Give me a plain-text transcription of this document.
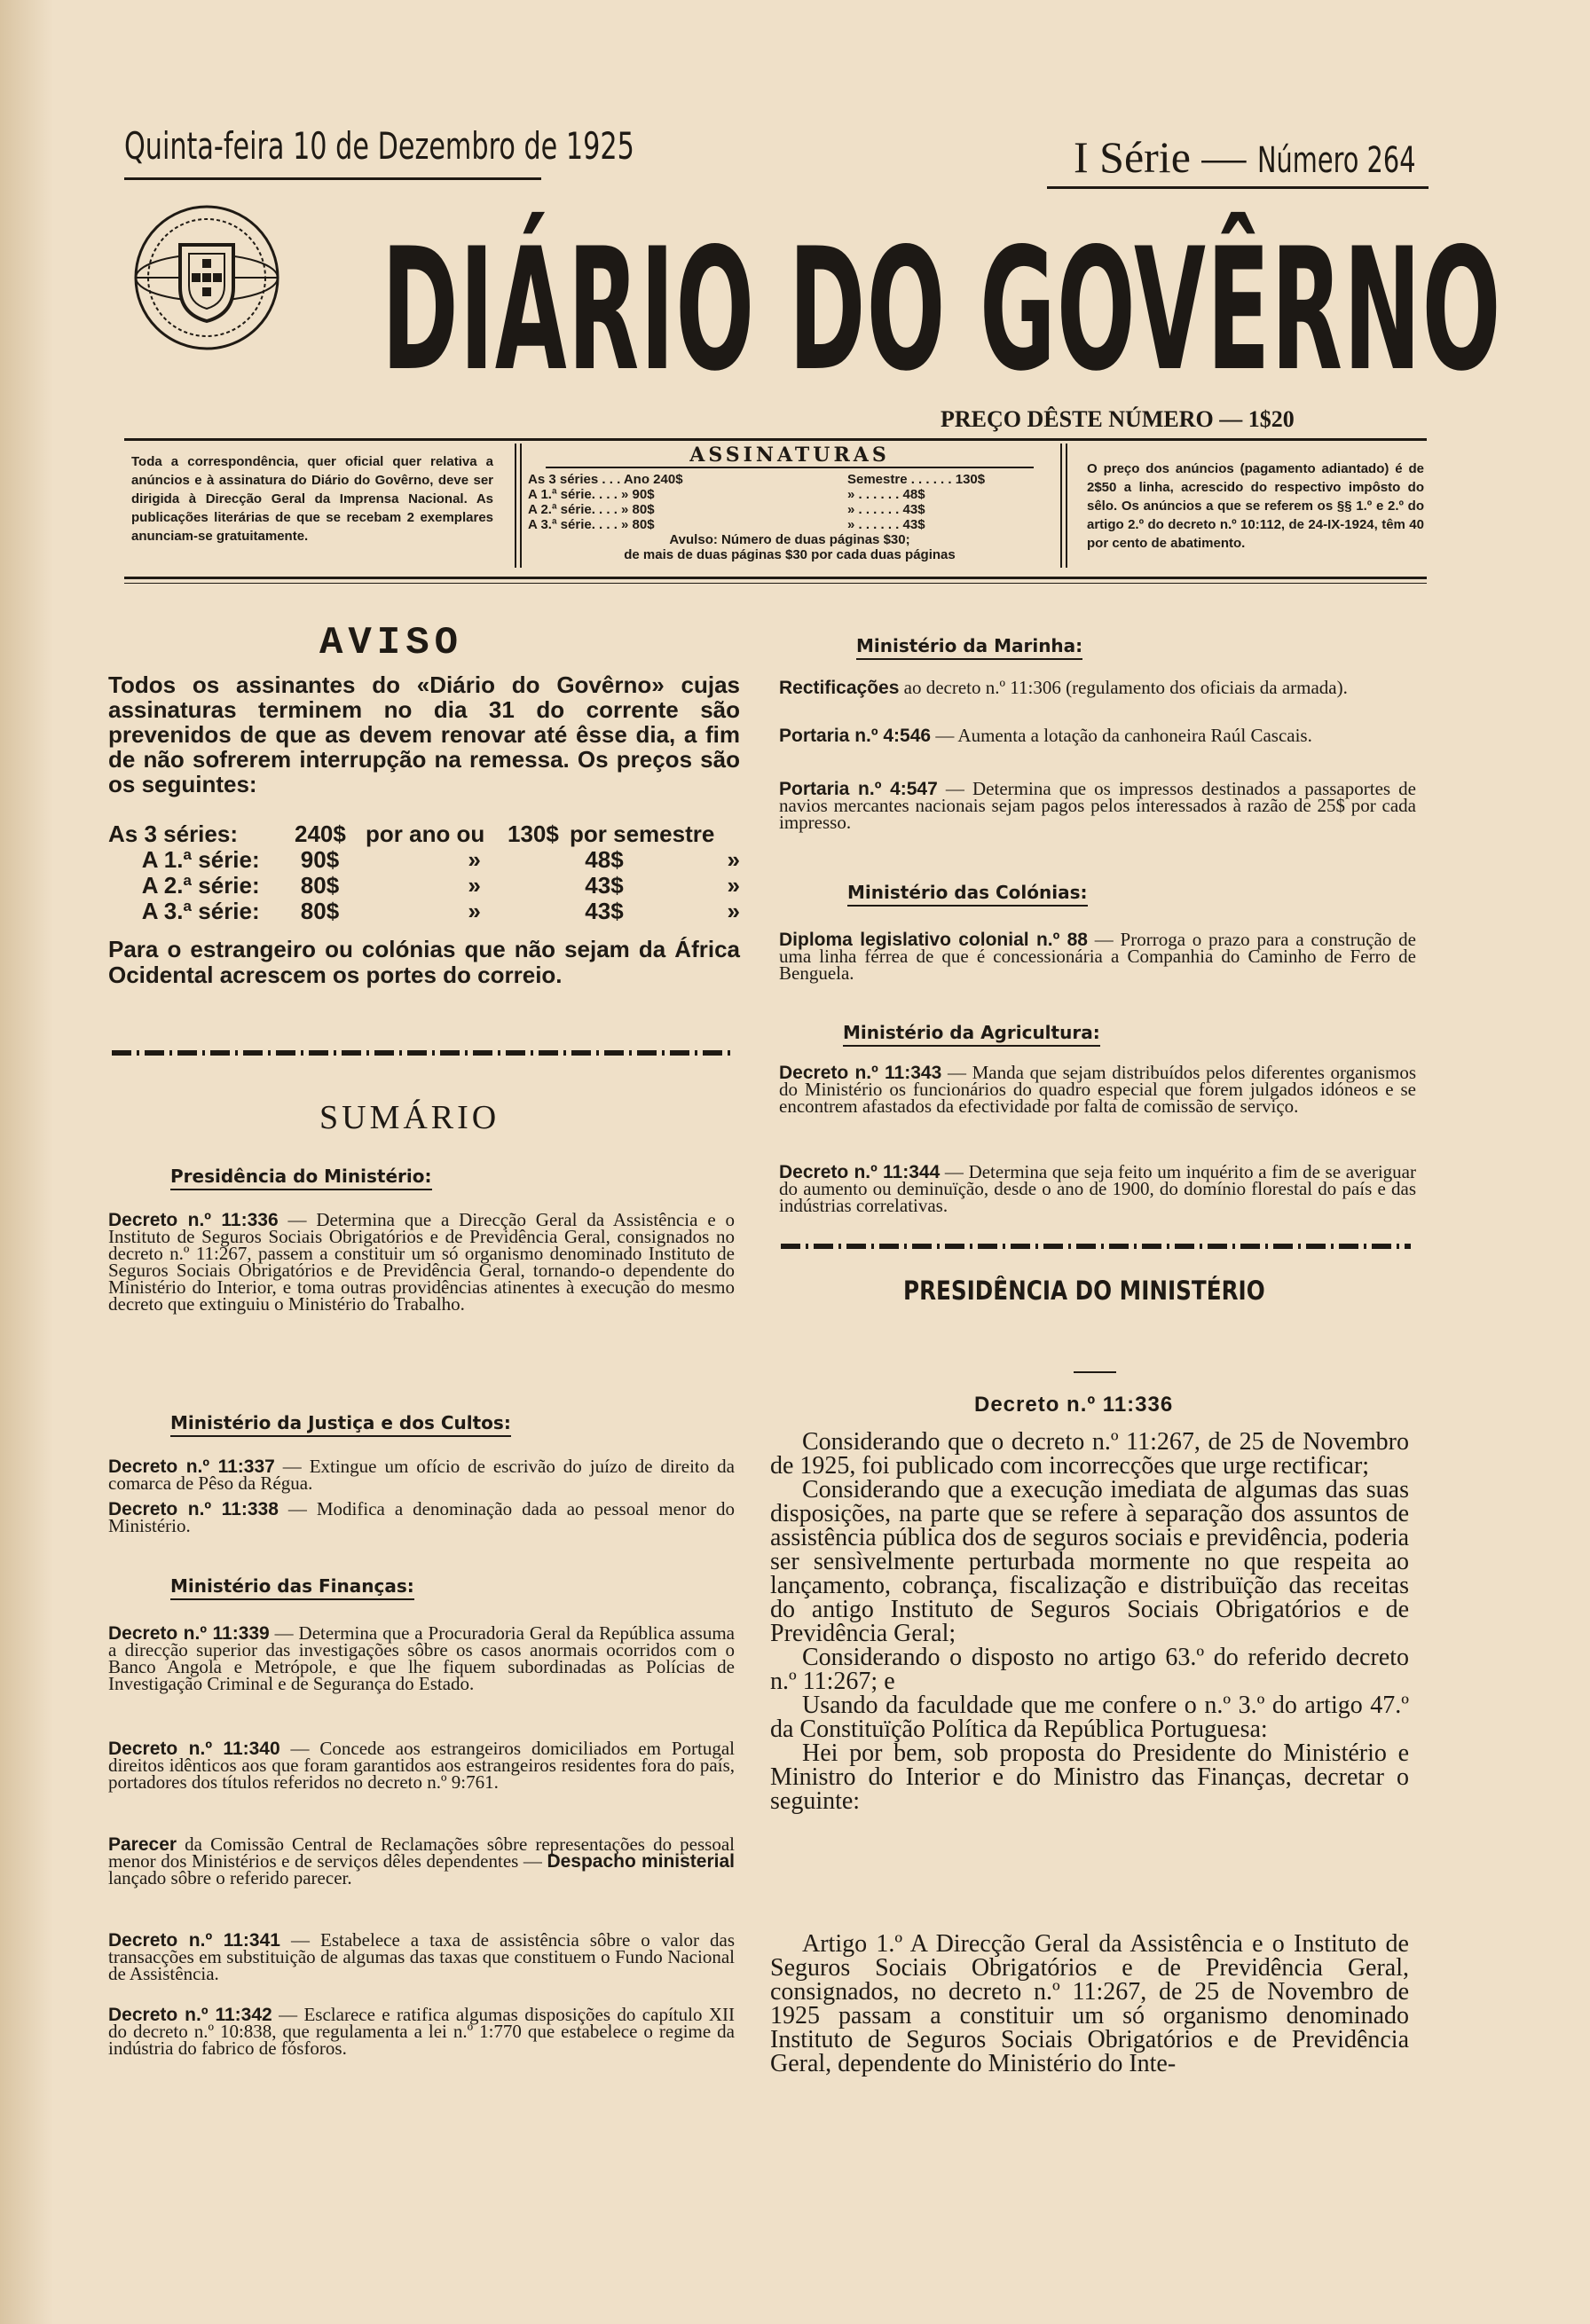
Quinta-feira 10 de Dezembro de 1925	I Série — Número 264
DIÁRIO DO GOVÊRNO
PREÇO DÊSTE NÚMERO — 1$20
Toda a correspondência, quer oficial quer relativa a anúncios e à assinatura do Diário do Govêrno, deve ser dirigida à Direcção Geral da Imprensa Nacional. As publicações literárias de que se recebam 2 exemplares anunciam-se gratuitamente.
ASSINATURAS
As 3 séries . . . Ano 240$	Semestre . . . . . . 130$
A 1.ª série. . . . » 90$	» . . . . . . 48$
A 2.ª série. . . . » 80$	» . . . . . . 43$
A 3.ª série. . . . » 80$	» . . . . . . 43$
Avulso: Número de duas páginas $30;
de mais de duas páginas $30 por cada duas páginas
O preço dos anúncios (pagamento adiantado) é de 2$50 a linha, acrescido do respectivo impôsto do sêlo. Os anúncios a que se referem os §§ 1.º e 2.º do artigo 2.º do decreto n.º 10:112, de 24-IX-1924, têm 40 por cento de abatimento.
AVISO
Todos os assinantes do «Diário do Govêrno» cujas assinaturas terminem no dia 31 do corrente são prevenidos de que as devem renovar até êsse dia, a fim de não sofrerem interrupção na remessa. Os preços são os seguintes:
As 3 séries:	240$ por ano ou 130$ por semestre
A 1.ª série:	90$	»	48$	»
A 2.ª série:	80$	»	43$	»
A 3.ª série:	80$	»	43$	»
Para o estrangeiro ou colónias que não sejam da África Ocidental acrescem os portes do correio.
SUMÁRIO
Presidência do Ministério:
Decreto n.º 11:336 — Determina que a Direcção Geral da Assistência e o Instituto de Seguros Sociais Obrigatórios e de Previdência Geral, consignados no decreto n.º 11:267, passem a constituir um só organismo denominado Instituto de Seguros Sociais Obrigatórios e de Previdência Geral, tornando-o dependente do Ministério do Interior, e toma outras providências atinentes à execução do mesmo decreto que extinguiu o Ministério do Trabalho.
Ministério da Justiça e dos Cultos:
Decreto n.º 11:337 — Extingue um ofício de escrivão do juízo de direito da comarca de Pêso da Régua.
Decreto n.º 11:338 — Modifica a denominação dada ao pessoal menor do Ministério.
Ministério das Finanças:
Decreto n.º 11:339 — Determina que a Procuradoria Geral da República assuma a direcção superior das investigações sôbre os casos anormais ocorridos com o Banco Angola e Metrópole, e que lhe fiquem subordinadas as Polícias de Investigação Criminal e de Segurança do Estado.
Decreto n.º 11:340 — Concede aos estrangeiros domiciliados em Portugal direitos idênticos aos que foram garantidos aos estrangeiros residentes fora do país, portadores dos títulos referidos no decreto n.º 9:761.
Parecer da Comissão Central de Reclamações sôbre representações do pessoal menor dos Ministérios e de serviços dêles dependentes — Despacho ministerial lançado sôbre o referido parecer.
Decreto n.º 11:341 — Estabelece a taxa de assistência sôbre o valor das transacções em substituição de algumas das taxas que constituem o Fundo Nacional de Assistência.
Decreto n.º 11:342 — Esclarece e ratifica algumas disposições do capítulo XII do decreto n.º 10:838, que regulamenta a lei n.º 1:770 que estabelece o regime da indústria do fabrico de fósforos.
Ministério da Marinha:
Rectificações ao decreto n.º 11:306 (regulamento dos oficiais da armada).
Portaria n.º 4:546 — Aumenta a lotação da canhoneira Raúl Cascais.
Portaria n.º 4:547 — Determina que os impressos destinados a passaportes de navios mercantes nacionais sejam pagos pelos interessados à razão de 25$ por cada impresso.
Ministério das Colónias:
Diploma legislativo colonial n.º 88 — Prorroga o prazo para a construção de uma linha férrea de que é concessionária a Companhia do Caminho de Ferro de Benguela.
Ministério da Agricultura:
Decreto n.º 11:343 — Manda que sejam distribuídos pelos diferentes organismos do Ministério os funcionários do quadro especial que forem julgados idóneos e se encontrem afastados da efectividade por falta de comissão de serviço.
Decreto n.º 11:344 — Determina que seja feito um inquérito a fim de se averiguar do aumento ou deminuïção, desde o ano de 1900, do domínio florestal do país e das indústrias correlativas.
PRESIDÊNCIA DO MINISTÉRIO
Decreto n.º 11:336

Considerando que o decreto n.º 11:267, de 25 de Novembro de 1925, foi publicado com incorrecções que urge rectificar;

Considerando que a execução imediata de algumas das suas disposições, na parte que se refere à separação dos assuntos de assistência pública dos de seguros sociais e previdência, poderia ser sensìvelmente perturbada mormente no que respeita ao lançamento, cobrança, fiscalização e distribuïção das receitas do antigo Instituto de Seguros Sociais Obrigatórios e de Previdência Geral;

Considerando o disposto no artigo 63.º do referido decreto n.º 11:267; e

Usando da faculdade que me confere o n.º 3.º do artigo 47.º da Constituïção Política da República Portuguesa:

Hei por bem, sob proposta do Presidente do Ministério e Ministro do Interior e do Ministro das Finanças, decretar o seguinte:

Artigo 1.º A Direcção Geral da Assistência e o Instituto de Seguros Sociais Obrigatórios e de Previdência Geral, consignados, no decreto n.º 11:267, de 25 de Novembro de 1925 passam a constituir um só organismo denominado Instituto de Seguros Sociais Obrigatórios e de Previdência Geral, dependente do Ministério do Inte-
